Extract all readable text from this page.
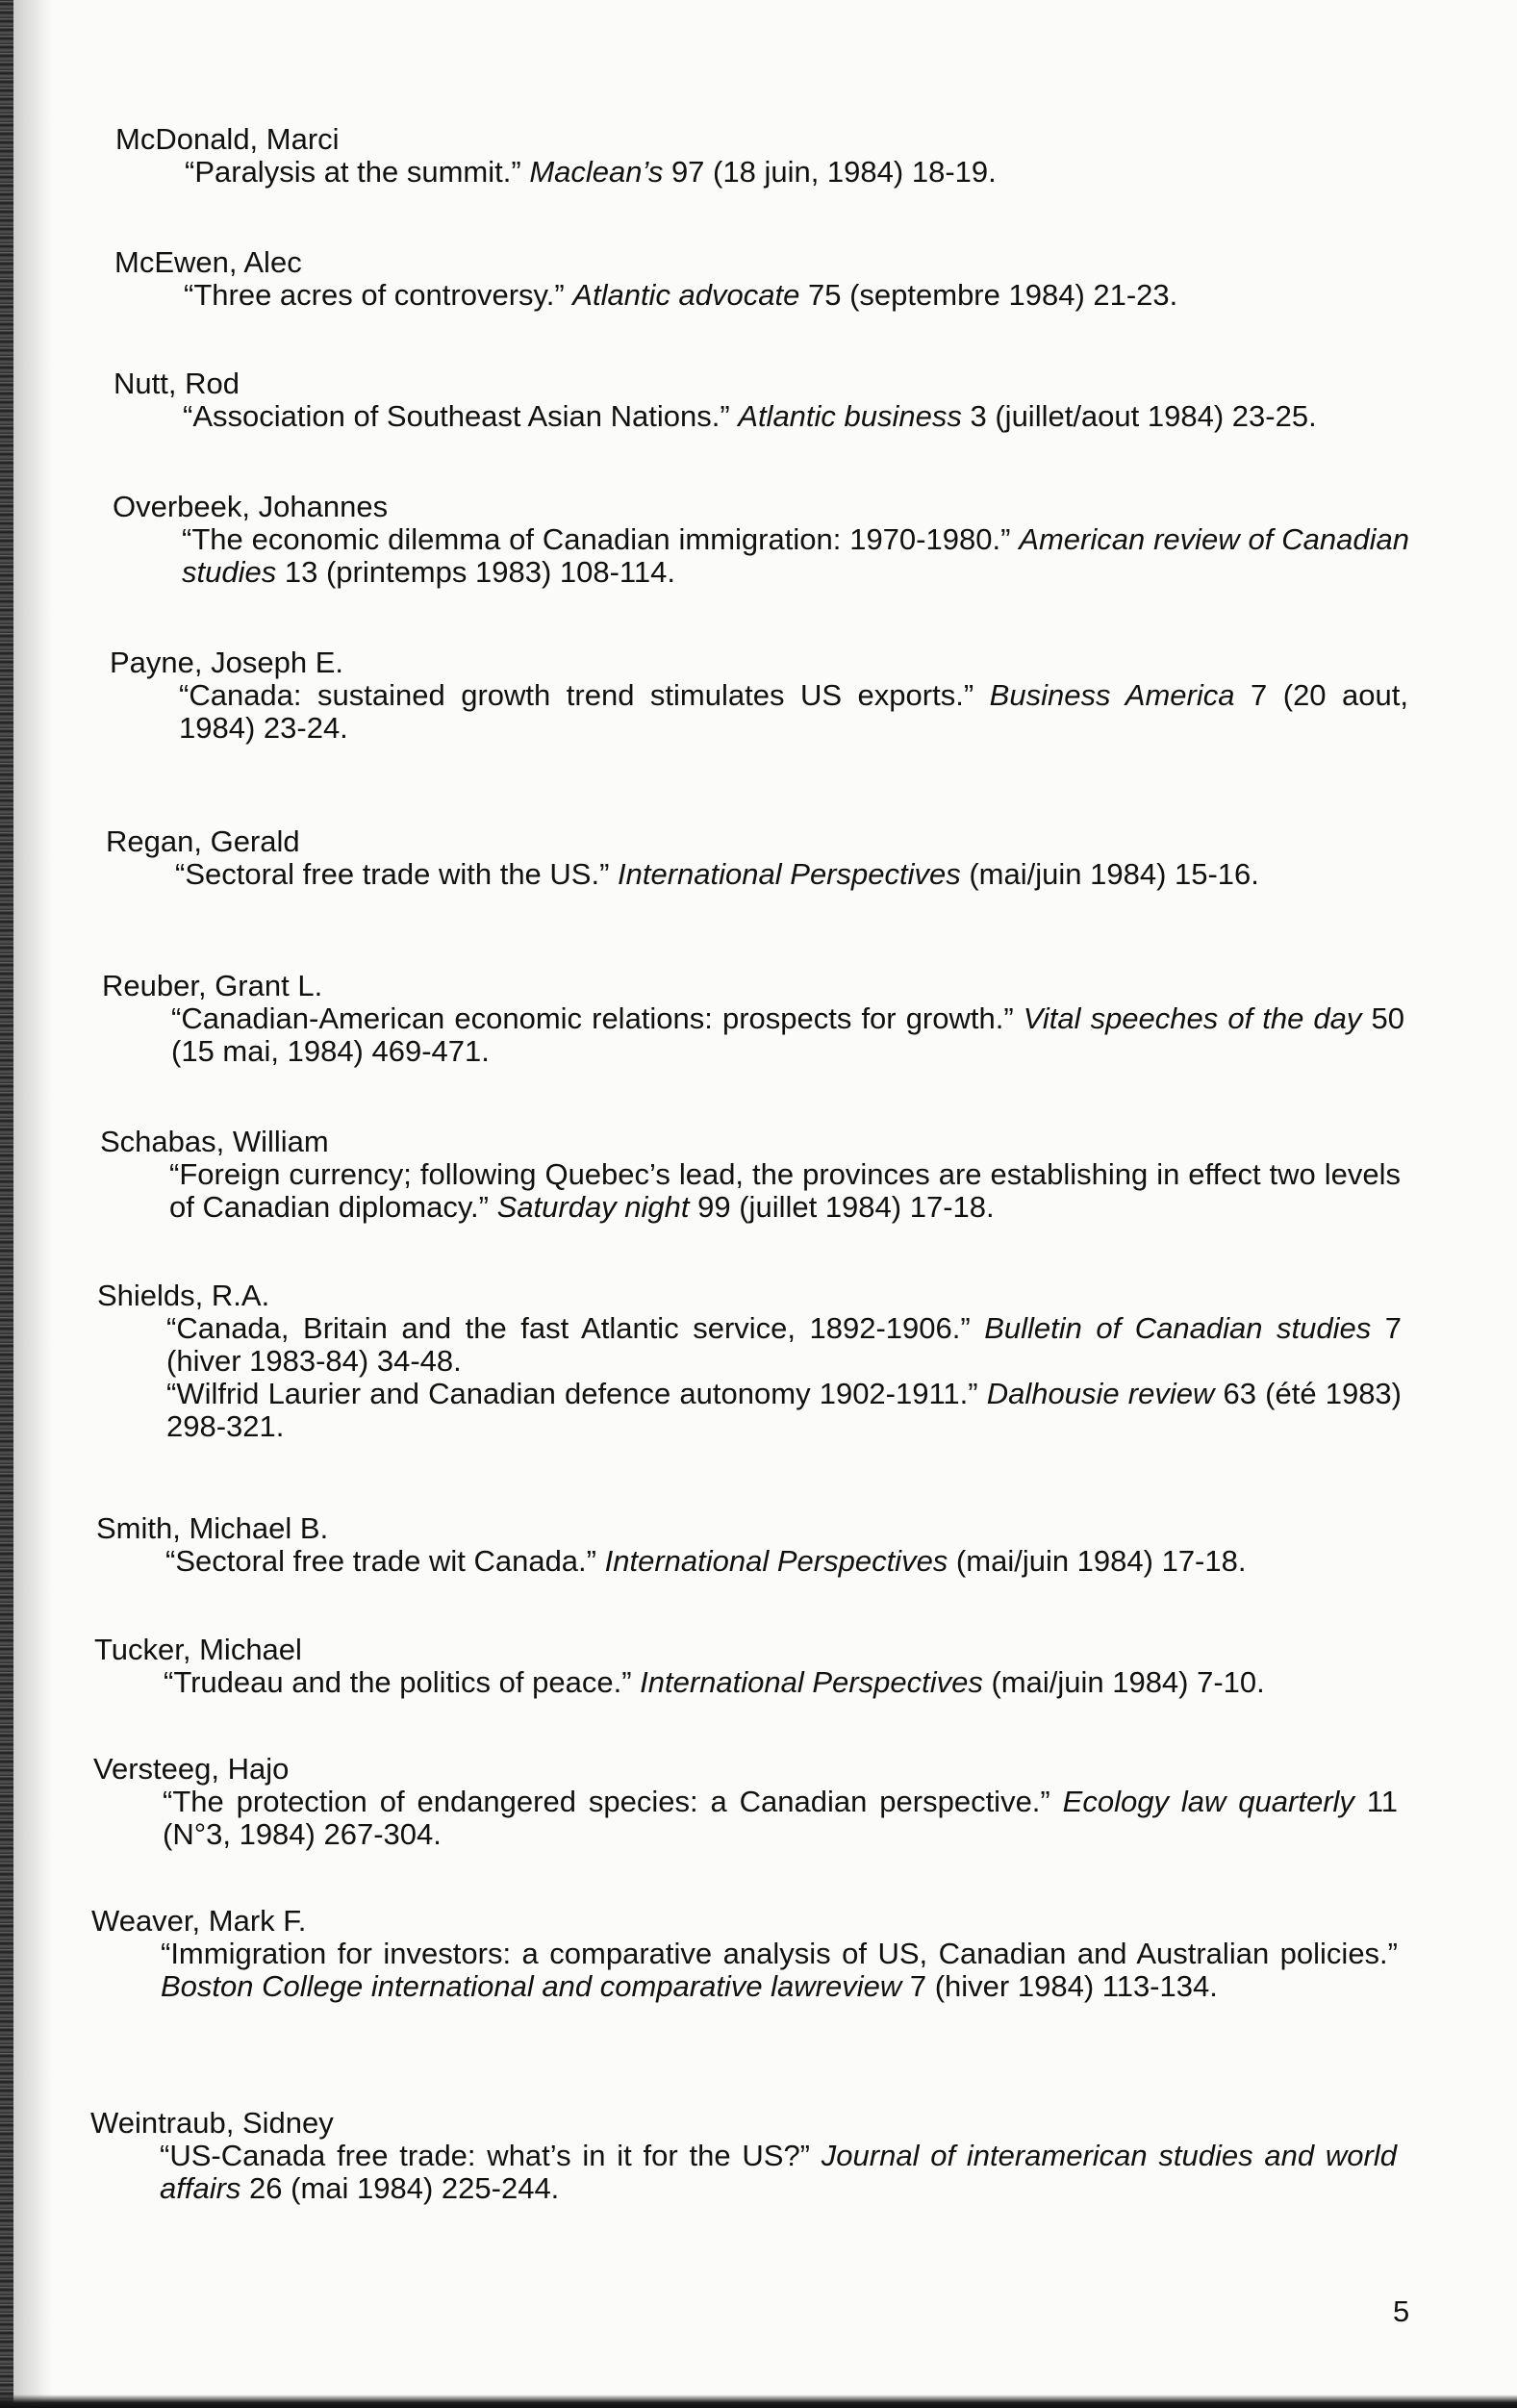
McDonald, Marci
“Paralysis at the summit.” Maclean’s 97 (18 juin, 1984) 18-19.
McEwen, Alec
“Three acres of controversy.” Atlantic advocate 75 (septembre 1984) 21-23.
Nutt, Rod
“Association of Southeast Asian Nations.” Atlantic business 3 (juillet/aout 1984) 23-25.
Overbeek, Johannes
“The economic dilemma of Canadian immigration: 1970-1980.” American review of Canadian studies 13 (printemps 1983) 108-114.
Payne, Joseph E.
“Canada: sustained growth trend stimulates US exports.” Business America 7 (20 aout, 1984) 23-24.
Regan, Gerald
“Sectoral free trade with the US.” International Perspectives (mai/juin 1984) 15-16.
Reuber, Grant L.
“Canadian-American economic relations: prospects for growth.” Vital speeches of the day 50 (15 mai, 1984) 469-471.
Schabas, William
“Foreign currency; following Quebec’s lead, the provinces are establishing in effect two levels of Canadian diplomacy.” Saturday night 99 (juillet 1984) 17-18.
Shields, R.A.
“Canada, Britain and the fast Atlantic service, 1892-1906.” Bulletin of Canadian studies 7 (hiver 1983-84) 34-48.
“Wilfrid Laurier and Canadian defence autonomy 1902-1911.” Dalhousie review 63 (été 1983) 298-321.
Smith, Michael B.
“Sectoral free trade wit Canada.” International Perspectives (mai/juin 1984) 17-18.
Tucker, Michael
“Trudeau and the politics of peace.” International Perspectives (mai/juin 1984) 7-10.
Versteeg, Hajo
“The protection of endangered species: a Canadian perspective.” Ecology law quarterly 11 (N°3, 1984) 267-304.
Weaver, Mark F.
“Immigration for investors: a comparative analysis of US, Canadian and Australian policies.” Boston College international and comparative lawreview 7 (hiver 1984) 113-134.
Weintraub, Sidney
“US-Canada free trade: what’s in it for the US?” Journal of interamerican studies and world affairs 26 (mai 1984) 225-244.
5
